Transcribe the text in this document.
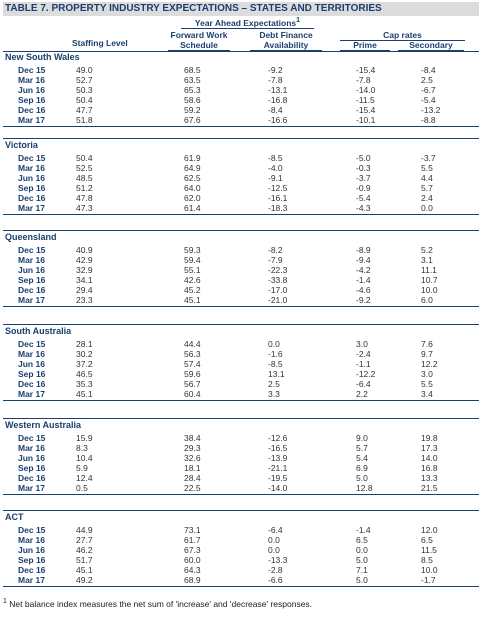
TABLE 7. PROPERTY INDUSTRY EXPECTATIONS – STATES AND TERRITORIES
Year Ahead Expectations$^1$
Staffing Level
Forward Work
Schedule
Debt Finance
Availability
Cap rates
Prime	Secondary
New South Wales
Dec 15	49.0	68.5	-9.2	-15.4	-8.4
Mar 16	52.7	63.5	-7.8	-7.8	2.5
Jun 16	50.3	65.3	-13.1	-14.0	-6.7
Sep 16	50.4	58.6	-16.8	-11.5	-5.4
Dec 16	47.7	59.2	-8.4	-15.4	-13.2
Mar 17	51.8	67.6	-16.6	-10.1	-8.8
Victoria
Dec 15	50.4	61.9	-8.5	-5.0	-3.7
Mar 16	52.5	64.9	-4.0	-0.3	5.5
Jun 16	48.5	62.5	-9.1	-3.7	4.4
Sep 16	51.2	64.0	-12.5	-0.9	5.7
Dec 16	47.8	62.0	-16.1	-5.4	2.4
Mar 17	47.3	61.4	-18.3	-4.3	0.0
Queensland
Dec 15	40.9	59.3	-8.2	-8.9	5.2
Mar 16	42.9	59.4	-7.9	-9.4	3.1
Jun 16	32.9	55.1	-22.3	-4.2	11.1
Sep 16	34.1	42.6	-33.8	-1.4	10.7
Dec 16	29.4	45.2	-17.0	-4.6	10.0
Mar 17	23.3	45.1	-21.0	-9.2	6.0
South Australia
Dec 15	28.1	44.4	0.0	3.0	7.6
Mar 16	30.2	56.3	-1.6	-2.4	9.7
Jun 16	37.2	57.4	-8.5	-1.1	12.2
Sep 16	46.5	59.6	13.1	-12.2	3.0
Dec 16	35.3	56.7	2.5	-6.4	5.5
Mar 17	45.1	60.4	3.3	2.2	3.4
Western Australia
Dec 15	15.9	38.4	-12.6	9.0	19.8
Mar 16	8.3	29.3	-16.5	5.7	17.3
Jun 16	10.4	32.6	-13.9	5.4	14.0
Sep 16	5.9	18.1	-21.1	6.9	16.8
Dec 16	12.4	28.4	-19.5	5.0	13.3
Mar 17	0.5	22.5	-14.0	12.8	21.5
ACT
Dec 15	44.9	73.1	-6.4	-1.4	12.0
Mar 16	27.7	61.7	0.0	6.5	6.5
Jun 16	46.2	67.3	0.0	0.0	11.5
Sep 16	51.7	60.0	-13.3	5.0	8.5
Dec 16	45.1	64.3	-2.8	7.1	10.0
Mar 17	49.2	68.9	-6.6	5.0	-1.7
$^1$ Net balance index measures the net sum of 'increase' and 'decrease' responses.
